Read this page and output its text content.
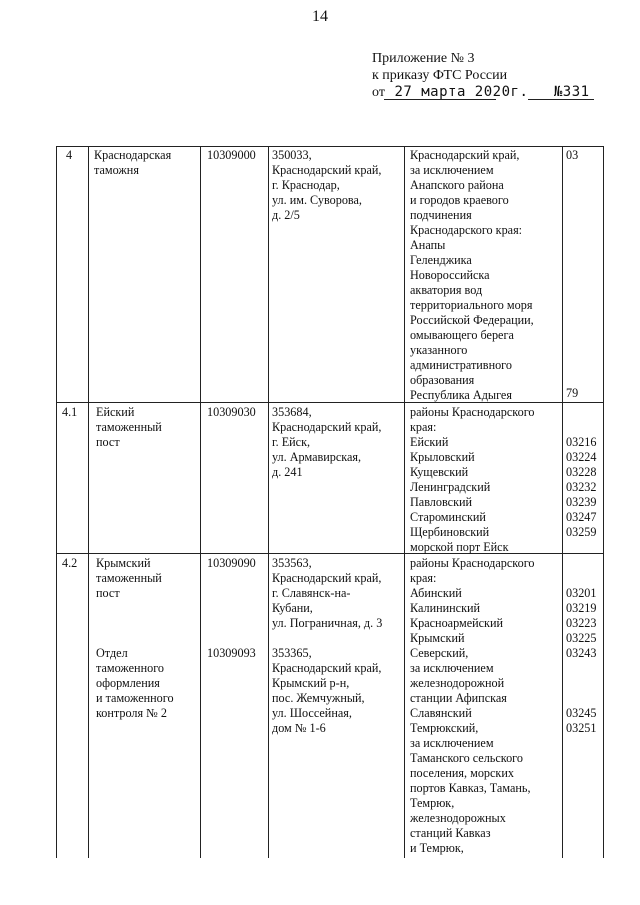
14
Приложение № 3
к приказу ФТС России
от 27 марта 2020г. №331
4 Краснодарская
таможня
10309000 350033,
Краснодарский край,
г. Краснодар,
ул. им. Суворова,
д. 2/5
Краснодарский край,
за исключением
Анапского района
и городов краевого
подчинения
Краснодарского края:
Анапы
Геленджика
Новороссийска
акватория вод
территориального моря
Российской Федерации,
омывающего берега
указанного
административного
образования
Республика Адыгея
03
79
4.1 Ейский
таможенный
пост
10309030 353684,
Краснодарский край,
г. Ейск,
ул. Армавирская,
д. 241
районы Краснодарского
края:
Ейский
Крыловский
Кущевский
Ленинградский
Павловский
Староминский
Щербиновский
морской порт Ейск

03216
03224
03228
03232
03239
03247
03259
4.2 Крымский
таможенный
пост
Отдел
таможенного
оформления
и таможенного
контроля № 2
10309090 353563,
Краснодарский край,
г. Славянск-на-
Кубани,
ул. Пограничная, д. 3
10309093 353365,
Краснодарский край,
Крымский р-н,
пос. Жемчужный,
ул. Шоссейная,
дом № 1-6
районы Краснодарского
края:
Абинский
Калининский
Красноармейский
Крымский
Северский,
за исключением
железнодорожной
станции Афипская
Славянский
Темрюкский,
за исключением
Таманского сельского
поселения, морских
портов Кавказ, Тамань,
Темрюк,
железнодорожных
станций Кавказ
и Темрюк,

03201
03219
03223
03225
03243

03245
03251
